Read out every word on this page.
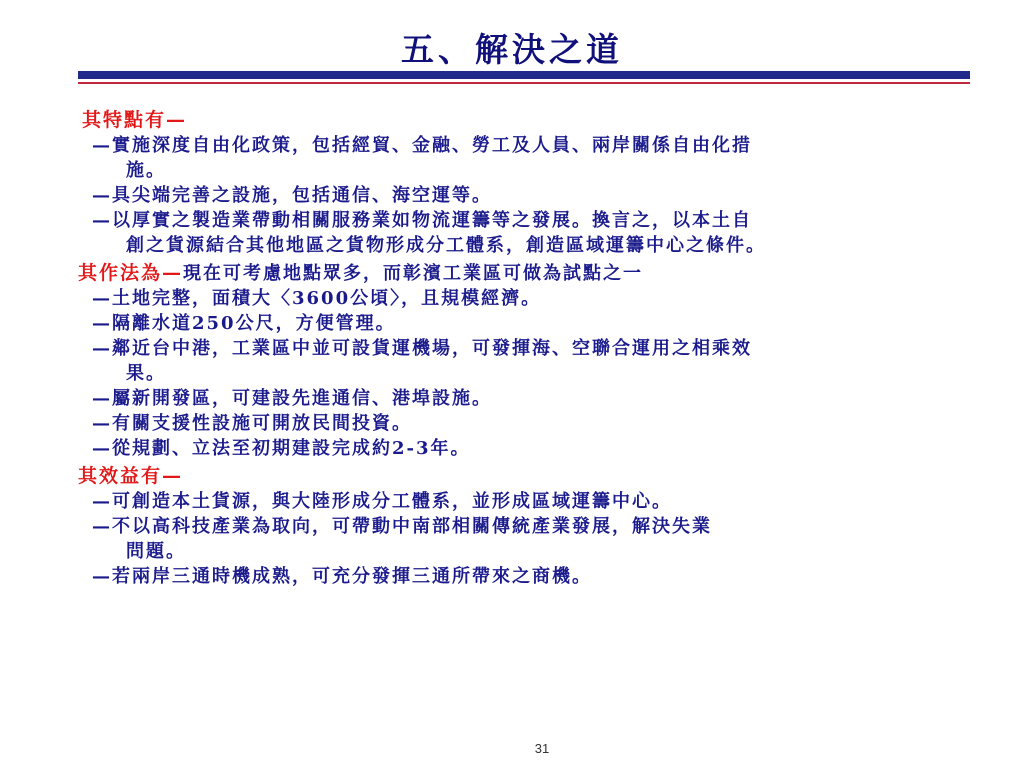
五、解決之道
其特點有—
—實施深度自由化政策，包括經貿、金融、勞工及人員、兩岸關係自由化措
施。
—具尖端完善之設施，包括通信、海空運等。
—以厚實之製造業帶動相關服務業如物流運籌等之發展。換言之，以本土自
創之貨源結合其他地區之貨物形成分工體系，創造區域運籌中心之條件。
其作法為—現在可考慮地點眾多，而彰濱工業區可做為試點之一
—土地完整，面積大〈3600公頃〉，且規模經濟。
—隔離水道250公尺，方便管理。
—鄰近台中港，工業區中並可設貨運機場，可發揮海、空聯合運用之相乘效
果。
—屬新開發區，可建設先進通信、港埠設施。
—有關支援性設施可開放民間投資。
—從規劃、立法至初期建設完成約2-3年。
其效益有—
—可創造本土貨源，與大陸形成分工體系，並形成區域運籌中心。
—不以高科技產業為取向，可帶動中南部相關傳統產業發展，解決失業
問題。
—若兩岸三通時機成熟，可充分發揮三通所帶來之商機。
31
